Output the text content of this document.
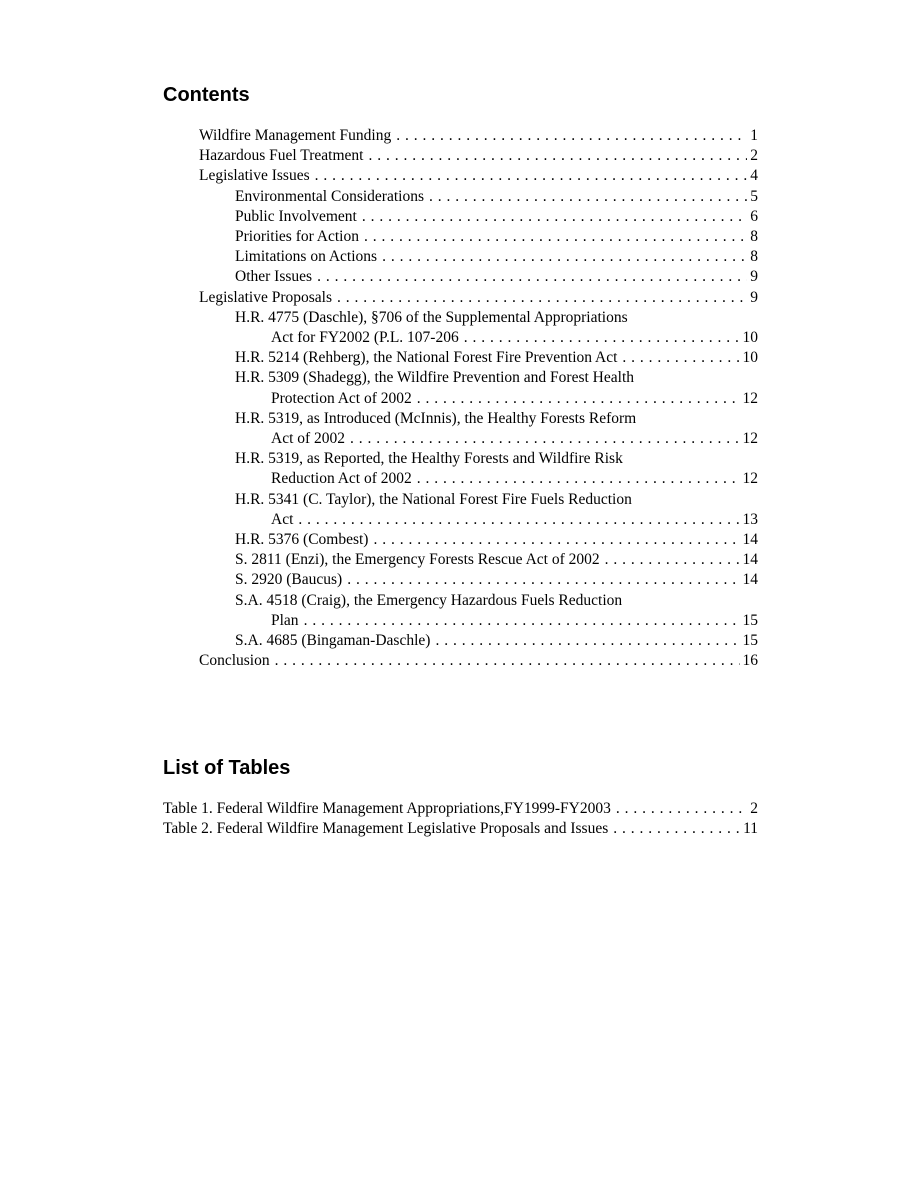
Contents
Wildfire Management Funding . . .	1
Hazardous Fuel Treatment . . .	2
Legislative Issues . . .	4
Environmental Considerations . . .	5
Public Involvement . . .	6
Priorities for Action . . .	8
Limitations on Actions . . .	8
Other Issues . . .	9
Legislative Proposals . . .	9
H.R. 4775 (Daschle), §706 of the Supplemental Appropriations
Act for FY2002 (P.L. 107-206 . . .	10
H.R. 5214 (Rehberg), the National Forest Fire Prevention Act . . .	10
H.R. 5309 (Shadegg), the Wildfire Prevention and Forest Health
Protection Act of 2002 . . .	12
H.R. 5319, as Introduced (McInnis), the Healthy Forests Reform
Act of 2002 . . .	12
H.R. 5319, as Reported, the Healthy Forests and Wildfire Risk
Reduction Act of 2002 . . .	12
H.R. 5341 (C. Taylor), the National Forest Fire Fuels Reduction
Act . . .	13
H.R. 5376 (Combest) . . .	14
S. 2811 (Enzi), the Emergency Forests Rescue Act of 2002 . . .	14
S. 2920 (Baucus) . . .	14
S.A. 4518 (Craig), the Emergency Hazardous Fuels Reduction
Plan . . .	15
S.A. 4685 (Bingaman-Daschle) . . .	15
Conclusion . . .	16
List of Tables
Table 1. Federal Wildfire Management Appropriations,FY1999-FY2003 . . .	2
Table 2. Federal Wildfire Management Legislative Proposals and Issues . . .	11
